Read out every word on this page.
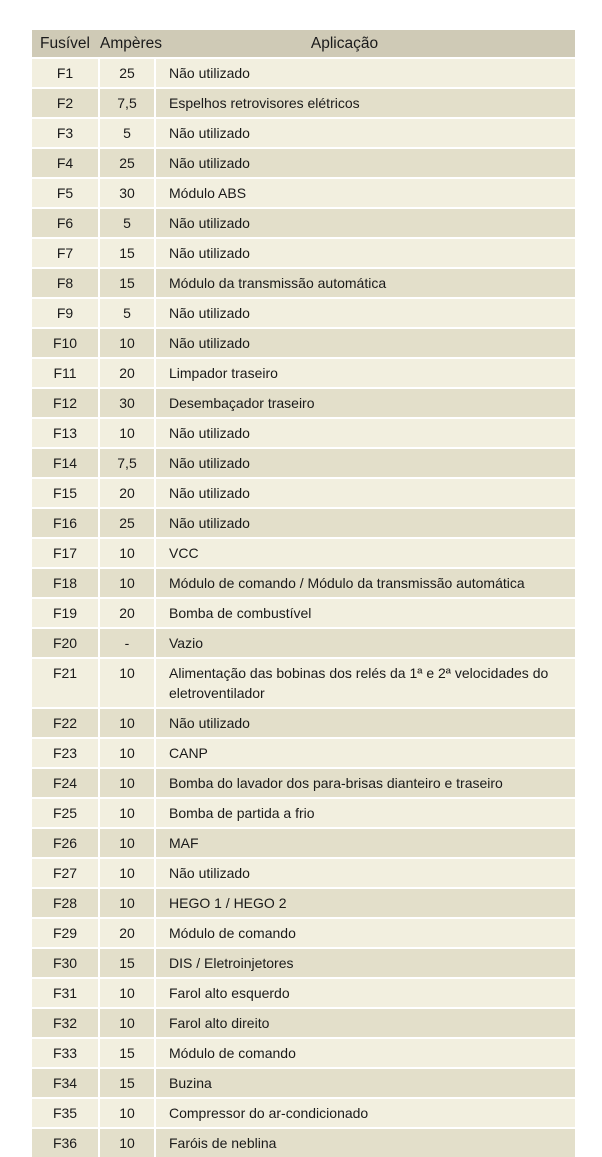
Fusível Ampères	Aplicação
F1	25	Não utilizado
F2	7,5	Espelhos retrovisores elétricos
F3	5	Não utilizado
F4	25	Não utilizado
F5	30	Módulo ABS
F6	5	Não utilizado
F7	15	Não utilizado
F8	15	Módulo da transmissão automática
F9	5	Não utilizado
F10	10	Não utilizado
F11	20	Limpador traseiro
F12	30	Desembaçador traseiro
F13	10	Não utilizado
F14	7,5	Não utilizado
F15	20	Não utilizado
F16	25	Não utilizado
F17	10	VCC
F18	10	Módulo de comando / Módulo da transmissão automática
F19	20	Bomba de combustível
F20	-	Vazio
F21	10	Alimentação das bobinas dos relés da 1ª e 2ª velocidades do eletroventilador
F22	10	Não utilizado
F23	10	CANP
F24	10	Bomba do lavador dos para-brisas dianteiro e traseiro
F25	10	Bomba de partida a frio
F26	10	MAF
F27	10	Não utilizado
F28	10	HEGO 1 / HEGO 2
F29	20	Módulo de comando
F30	15	DIS / Eletroinjetores
F31	10	Farol alto esquerdo
F32	10	Farol alto direito
F33	15	Módulo de comando
F34	15	Buzina
F35	10	Compressor do ar-condicionado
F36	10	Faróis de neblina
